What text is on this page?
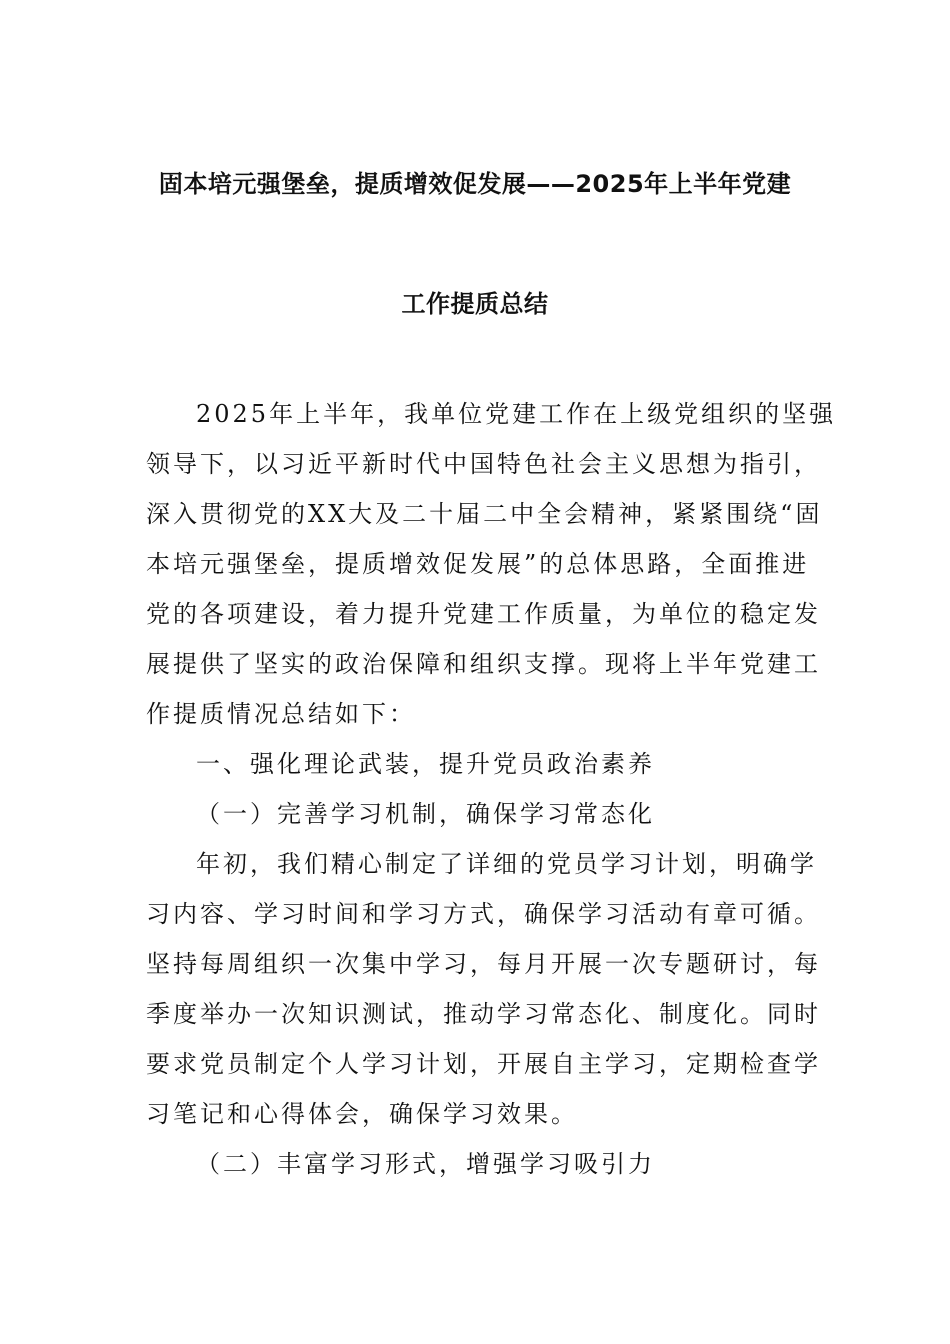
固本培元强堡垒，提质增效促发展——2025年上半年党建
工作提质总结
2025年上半年，我单位党建工作在上级党组织的坚强
领导下，以习近平新时代中国特色社会主义思想为指引，
深入贯彻党的XX大及二十届二中全会精神，紧紧围绕“固
本培元强堡垒，提质增效促发展”的总体思路，全面推进
党的各项建设，着力提升党建工作质量，为单位的稳定发
展提供了坚实的政治保障和组织支撑。现将上半年党建工
作提质情况总结如下：
一、强化理论武装，提升党员政治素养
（一）完善学习机制，确保学习常态化
年初，我们精心制定了详细的党员学习计划，明确学
习内容、学习时间和学习方式，确保学习活动有章可循。
坚持每周组织一次集中学习，每月开展一次专题研讨，每
季度举办一次知识测试，推动学习常态化、制度化。同时
要求党员制定个人学习计划，开展自主学习，定期检查学
习笔记和心得体会，确保学习效果。
（二）丰富学习形式，增强学习吸引力
